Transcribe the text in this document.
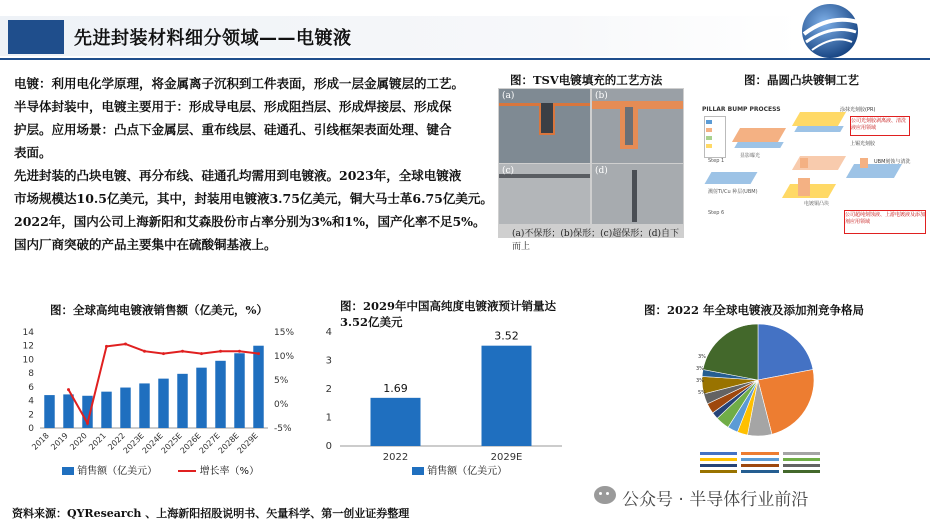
先进封装材料细分领域——电镀液
电镀：利用电化学原理，将金属离子沉积到工件表面，形成一层金属镀层的工艺。
半导体封装中，电镀主要用于：形成导电层、形成阻挡层、形成焊接层、形成保
护层。应用场景：凸点下金属层、重布线层、硅通孔、引线框架表面处理、键合
表面。
先进封装的凸块电镀、再分布线、硅通孔均需用到电镀液。2023年，全球电镀液
市场规模达10.5亿美元，其中，封装用电镀液3.75亿美元，铜大马士革6.75亿美元。
2022年，国内公司上海新阳和艾森股份市占率分别为3%和1%，国产化率不足5%。
国内厂商突破的产品主要集中在硫酸铜基液上。
图：TSV电镀填充的工艺方法
(a)	(b)
(c)	(d)
(a)不保形；(b)保形；(c)超保形；(d)自下而上
图：晶圆凸块镀铜工艺
PILLAR BUMP PROCESS
Step 1
显影曝光
涂抹光刻胶(PR)
公司光刻胶剥离液、清洗液应用领域
上锡光刻胶
溅射Ti/Cu 种层(UBM)
电镀铜凸块
UBM刻蚀与清洗
Step 6	公司超纯刻蚀液、上游电镀液及添加剂应用领域
图：全球高纯电镀液销售额（亿美元，%）
0
2
4
6
8
10
12
14
-5%
0%
5%
10%
15%
2018
2019
2020
2021
2022
2023E
2024E
2025E
2026E
2027E
2028E
2029E
销售额（亿美元）	增长率（%）
图：2029年中国高纯度电镀液预计销量达
3.52亿美元
0
1
2
3
4
1.69
2022
3.52
2029E
销售额（亿美元）
图：2022 年全球电镀液及添加剂竞争格局
3%
3%
3%
5%
资料来源：QYResearch 、上海新阳招股说明书、矢量科学、第一创业证券整理
公众号 · 半导体行业前沿
